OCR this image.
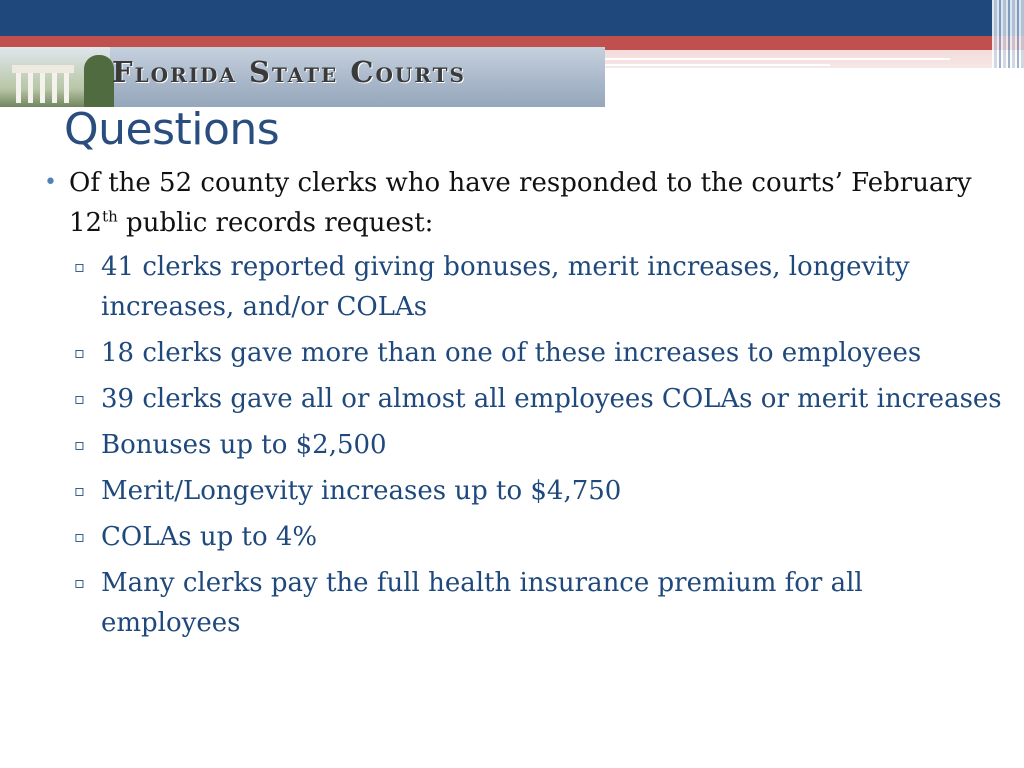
Florida State Courts
Questions
• Of the 52 county clerks who have responded to the courts’ February 12th public records request:
▫ 41 clerks reported giving bonuses, merit increases, longevity increases, and/or COLAs
▫ 18 clerks gave more than one of these increases to employees
▫ 39 clerks gave all or almost all employees COLAs or merit increases
▫ Bonuses up to $2,500
▫ Merit/Longevity increases up to $4,750
▫ COLAs up to 4%
▫ Many clerks pay the full health insurance premium for all employees
